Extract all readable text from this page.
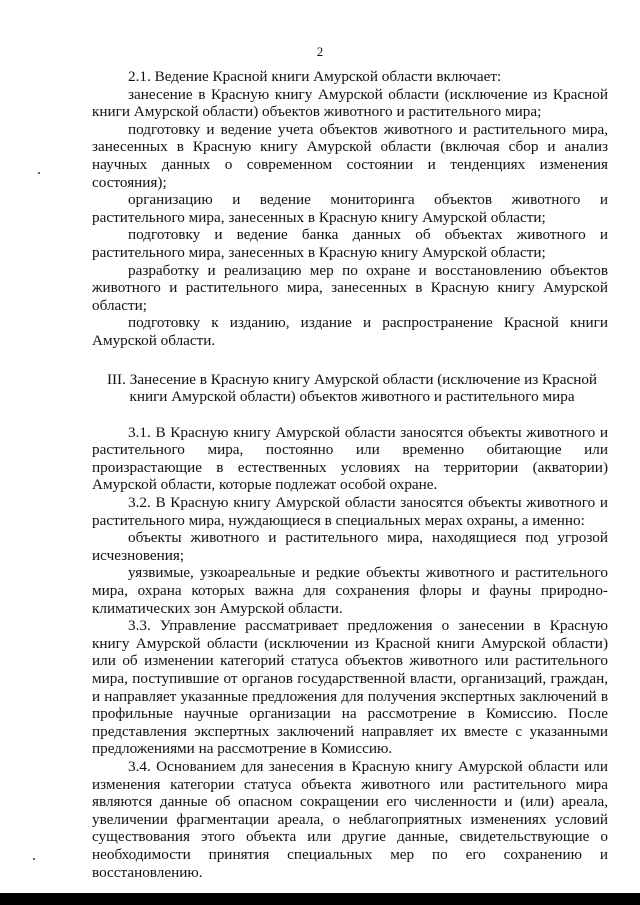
2

2.1. Ведение Красной книги Амурской области включает:

занесение в Красную книгу Амурской области (исключение из Красной книги Амурской области) объектов животного и растительного мира;

подготовку и ведение учета объектов животного и растительного мира, занесенных в Красную книгу Амурской области (включая сбор и анализ научных данных о современном состоянии и тенденциях изменения состояния);

организацию и ведение мониторинга объектов животного и растительного мира, занесенных в Красную книгу Амурской области;

подготовку и ведение банка данных об объектах животного и растительного мира, занесенных в Красную книгу Амурской области;

разработку и реализацию мер по охране и восстановлению объектов животного и растительного мира, занесенных в Красную книгу Амурской области;

подготовку к изданию, издание и распространение Красной книги Амурской области.

III. Занесение в Красную книгу Амурской области (исключение из Красной книги Амурской области) объектов животного и растительного мира

3.1. В Красную книгу Амурской области заносятся объекты животного и растительного мира, постоянно или временно обитающие или произрастающие в естественных условиях на территории (акватории) Амурской области, которые подлежат особой охране.

3.2. В Красную книгу Амурской области заносятся объекты животного и растительного мира, нуждающиеся в специальных мерах охраны, а именно:

объекты животного и растительного мира, находящиеся под угрозой исчезновения;

уязвимые, узкоареальные и редкие объекты животного и растительного мира, охрана которых важна для сохранения флоры и фауны природно-климатических зон Амурской области.

3.3. Управление рассматривает предложения о занесении в Красную книгу Амурской области (исключении из Красной книги Амурской области) или об изменении категорий статуса объектов животного или растительного мира, поступившие от органов государственной власти, организаций, граждан, и направляет указанные предложения для получения экспертных заключений в профильные научные организации на рассмотрение в Комиссию. После представления экспертных заключений направляет их вместе с указанными предложениями на рассмотрение в Комиссию.

3.4. Основанием для занесения в Красную книгу Амурской области или изменения категории статуса объекта животного или растительного мира являются данные об опасном сокращении его численности и (или) ареала, увеличении фрагментации ареала, о неблагоприятных изменениях условий существования этого объекта или другие данные, свидетельствующие о необходимости принятия специальных мер по его сохранению и восстановлению.
